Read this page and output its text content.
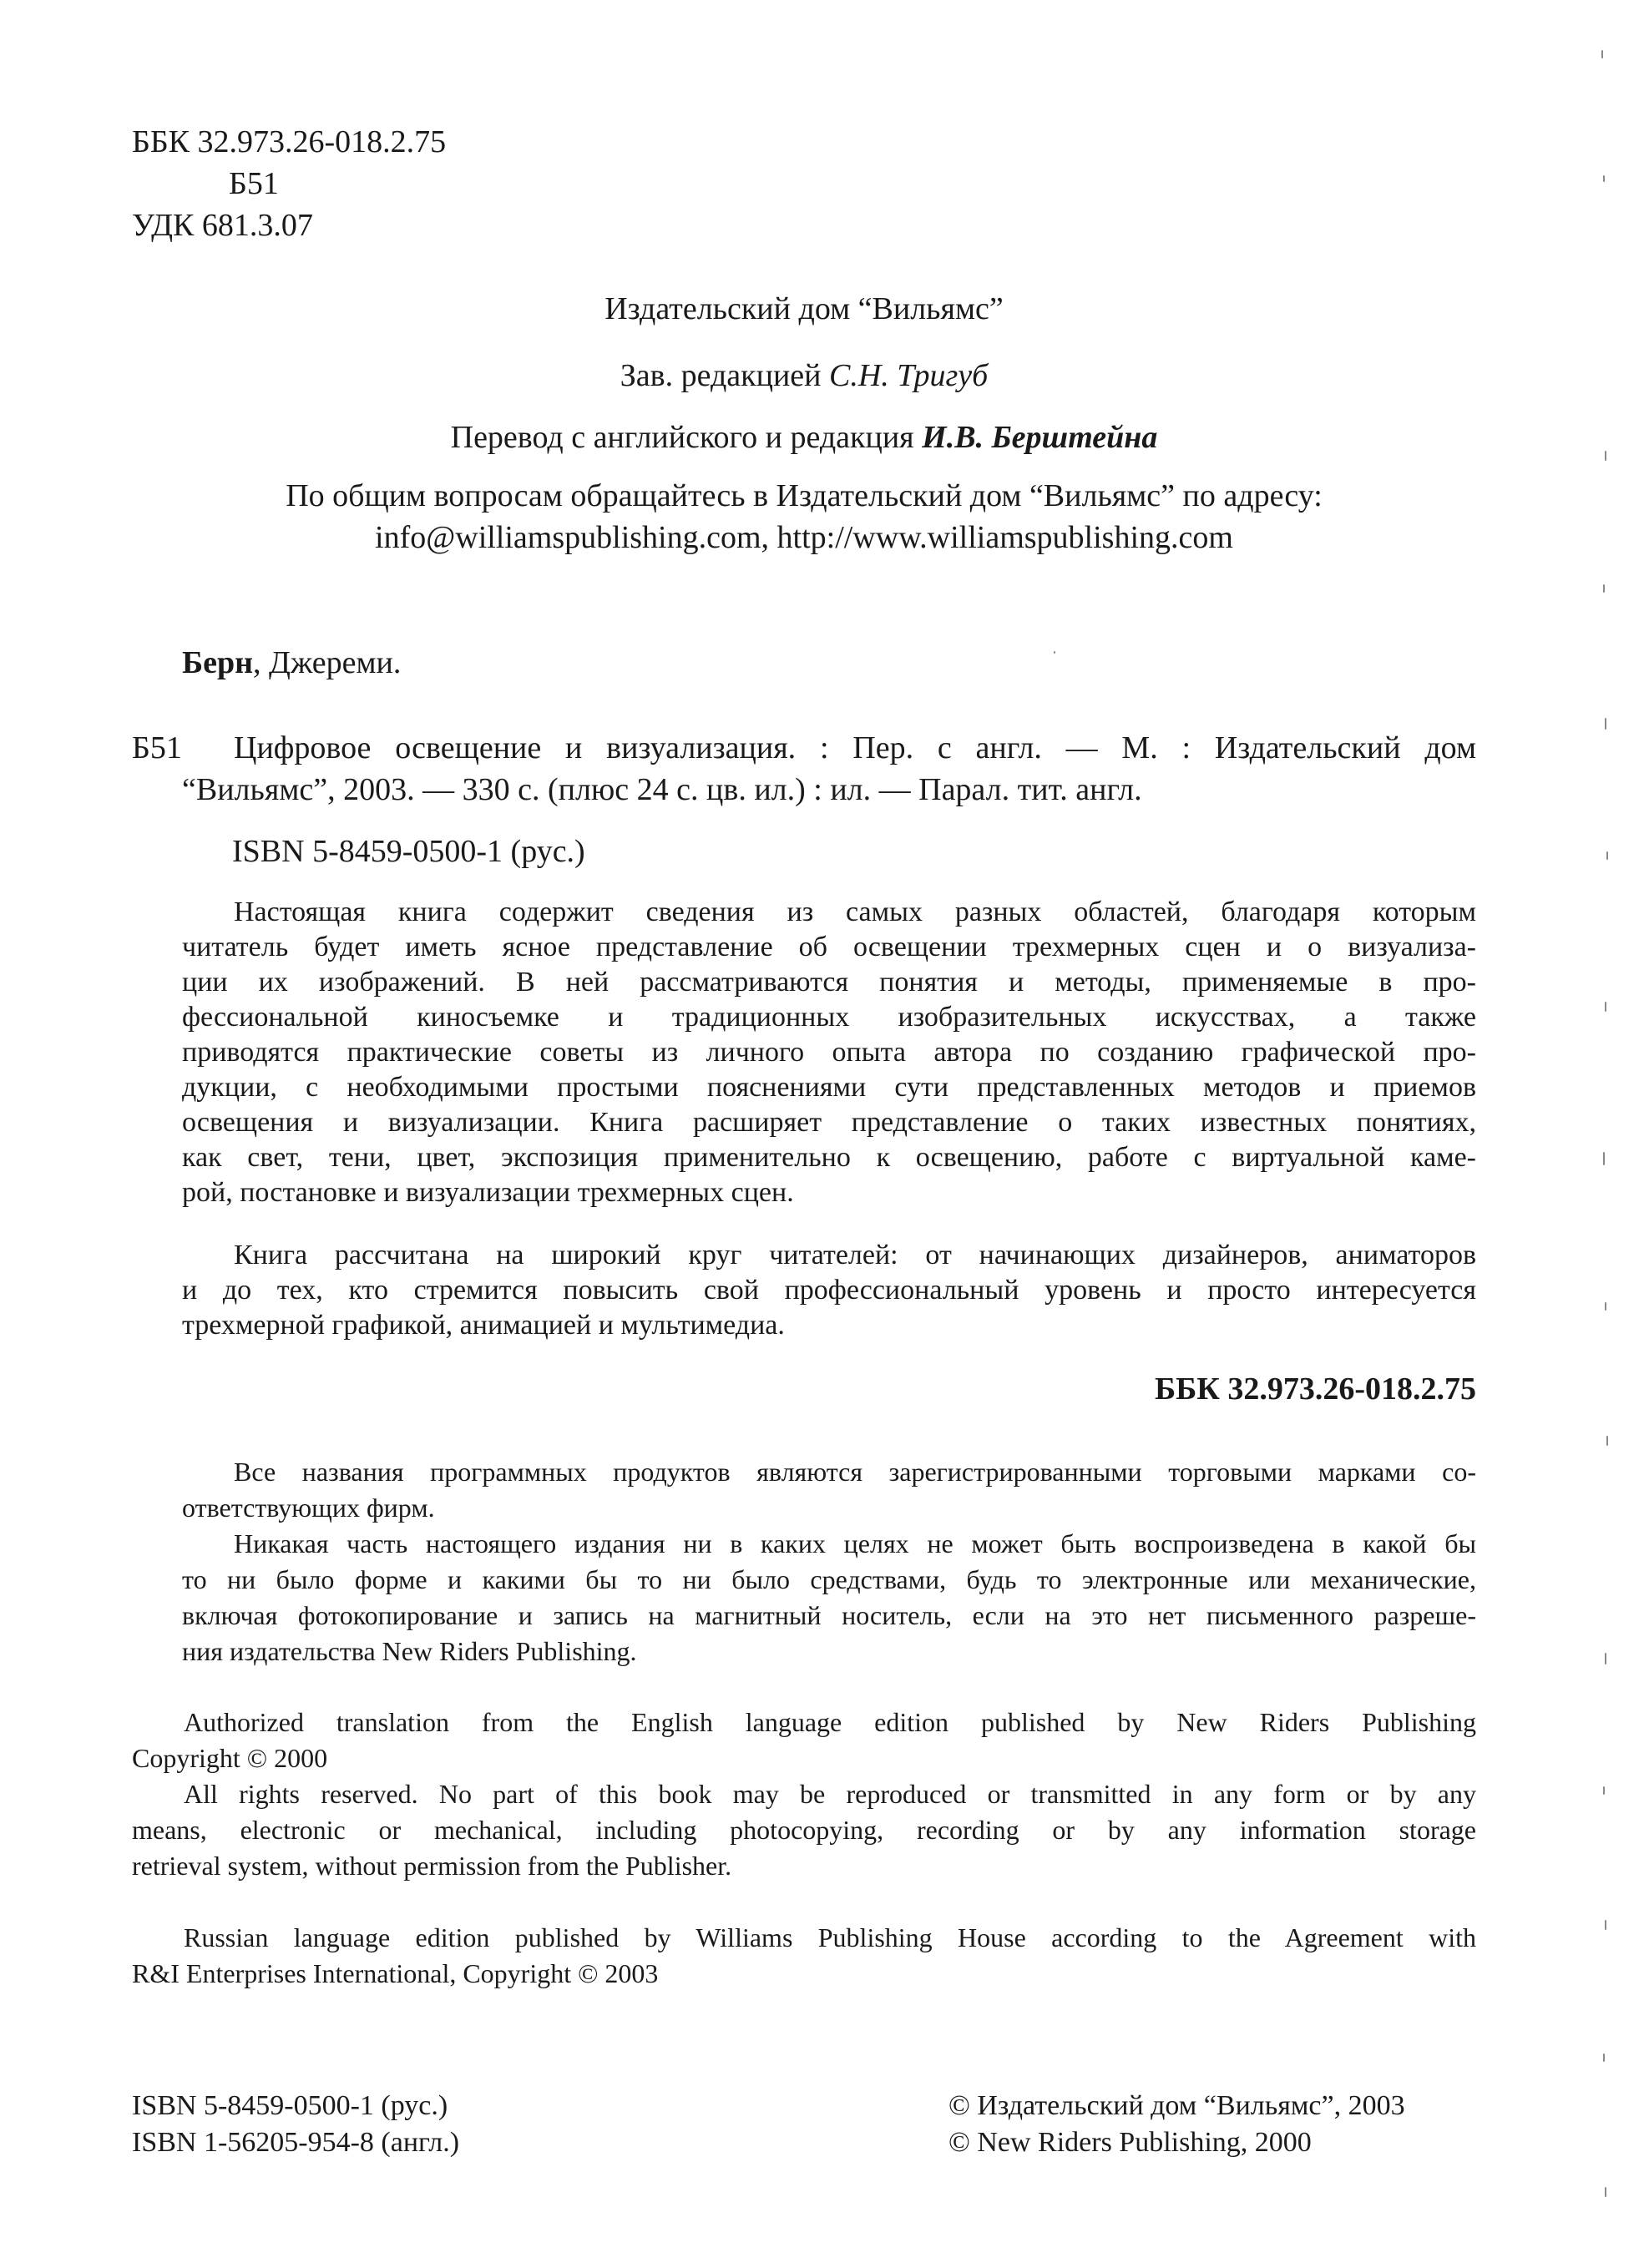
ББК 32.973.26-018.2.75
Б51
УДК 681.3.07
Издательский дом “Вильямс”
Зав. редакцией С.Н. Тригуб
Перевод с английского и редакция И.В. Берштейна
По общим вопросам обращайтесь в Издательский дом “Вильямс” по адресу:
info@williamspublishing.com, http://www.williamspublishing.com
Берн, Джереми.
Б51 Цифровое освещение и визуализация. : Пер. с англ. — М. : Издательский дом
“Вильямс”, 2003. — 330 с. (плюс 24 с. цв. ил.) : ил. — Парал. тит. англ.
ISBN 5-8459-0500-1 (рус.)
Настоящая книга содержит сведения из самых разных областей, благодаря которым
читатель будет иметь ясное представление об освещении трехмерных сцен и о визуализа-
ции их изображений. В ней рассматриваются понятия и методы, применяемые в про-
фессиональной киносъемке и традиционных изобразительных искусствах, а также
приводятся практические советы из личного опыта автора по созданию графической про-
дукции, с необходимыми простыми пояснениями сути представленных методов и приемов
освещения и визуализации. Книга расширяет представление о таких известных понятиях,
как свет, тени, цвет, экспозиция применительно к освещению, работе с виртуальной каме-
рой, постановке и визуализации трехмерных сцен.
Книга рассчитана на широкий круг читателей: от начинающих дизайнеров, аниматоров
и до тех, кто стремится повысить свой профессиональный уровень и просто интересуется
трехмерной графикой, анимацией и мультимедиа.
ББК 32.973.26-018.2.75
Все названия программных продуктов являются зарегистрированными торговыми марками со-
ответствующих фирм.
Никакая часть настоящего издания ни в каких целях не может быть воспроизведена в какой бы
то ни было форме и какими бы то ни было средствами, будь то электронные или механические,
включая фотокопирование и запись на магнитный носитель, если на это нет письменного разреше-
ния издательства New Riders Publishing.
Authorized translation from the English language edition published by New Riders Publishing
Copyright © 2000
All rights reserved. No part of this book may be reproduced or transmitted in any form or by any
means, electronic or mechanical, including photocopying, recording or by any information storage
retrieval system, without permission from the Publisher.
Russian language edition published by Williams Publishing House according to the Agreement with
R&I Enterprises International, Copyright © 2003
ISBN 5-8459-0500-1 (рус.)
ISBN 1-56205-954-8 (англ.)
© Издательский дом “Вильямс”, 2003
© New Riders Publishing, 2000
